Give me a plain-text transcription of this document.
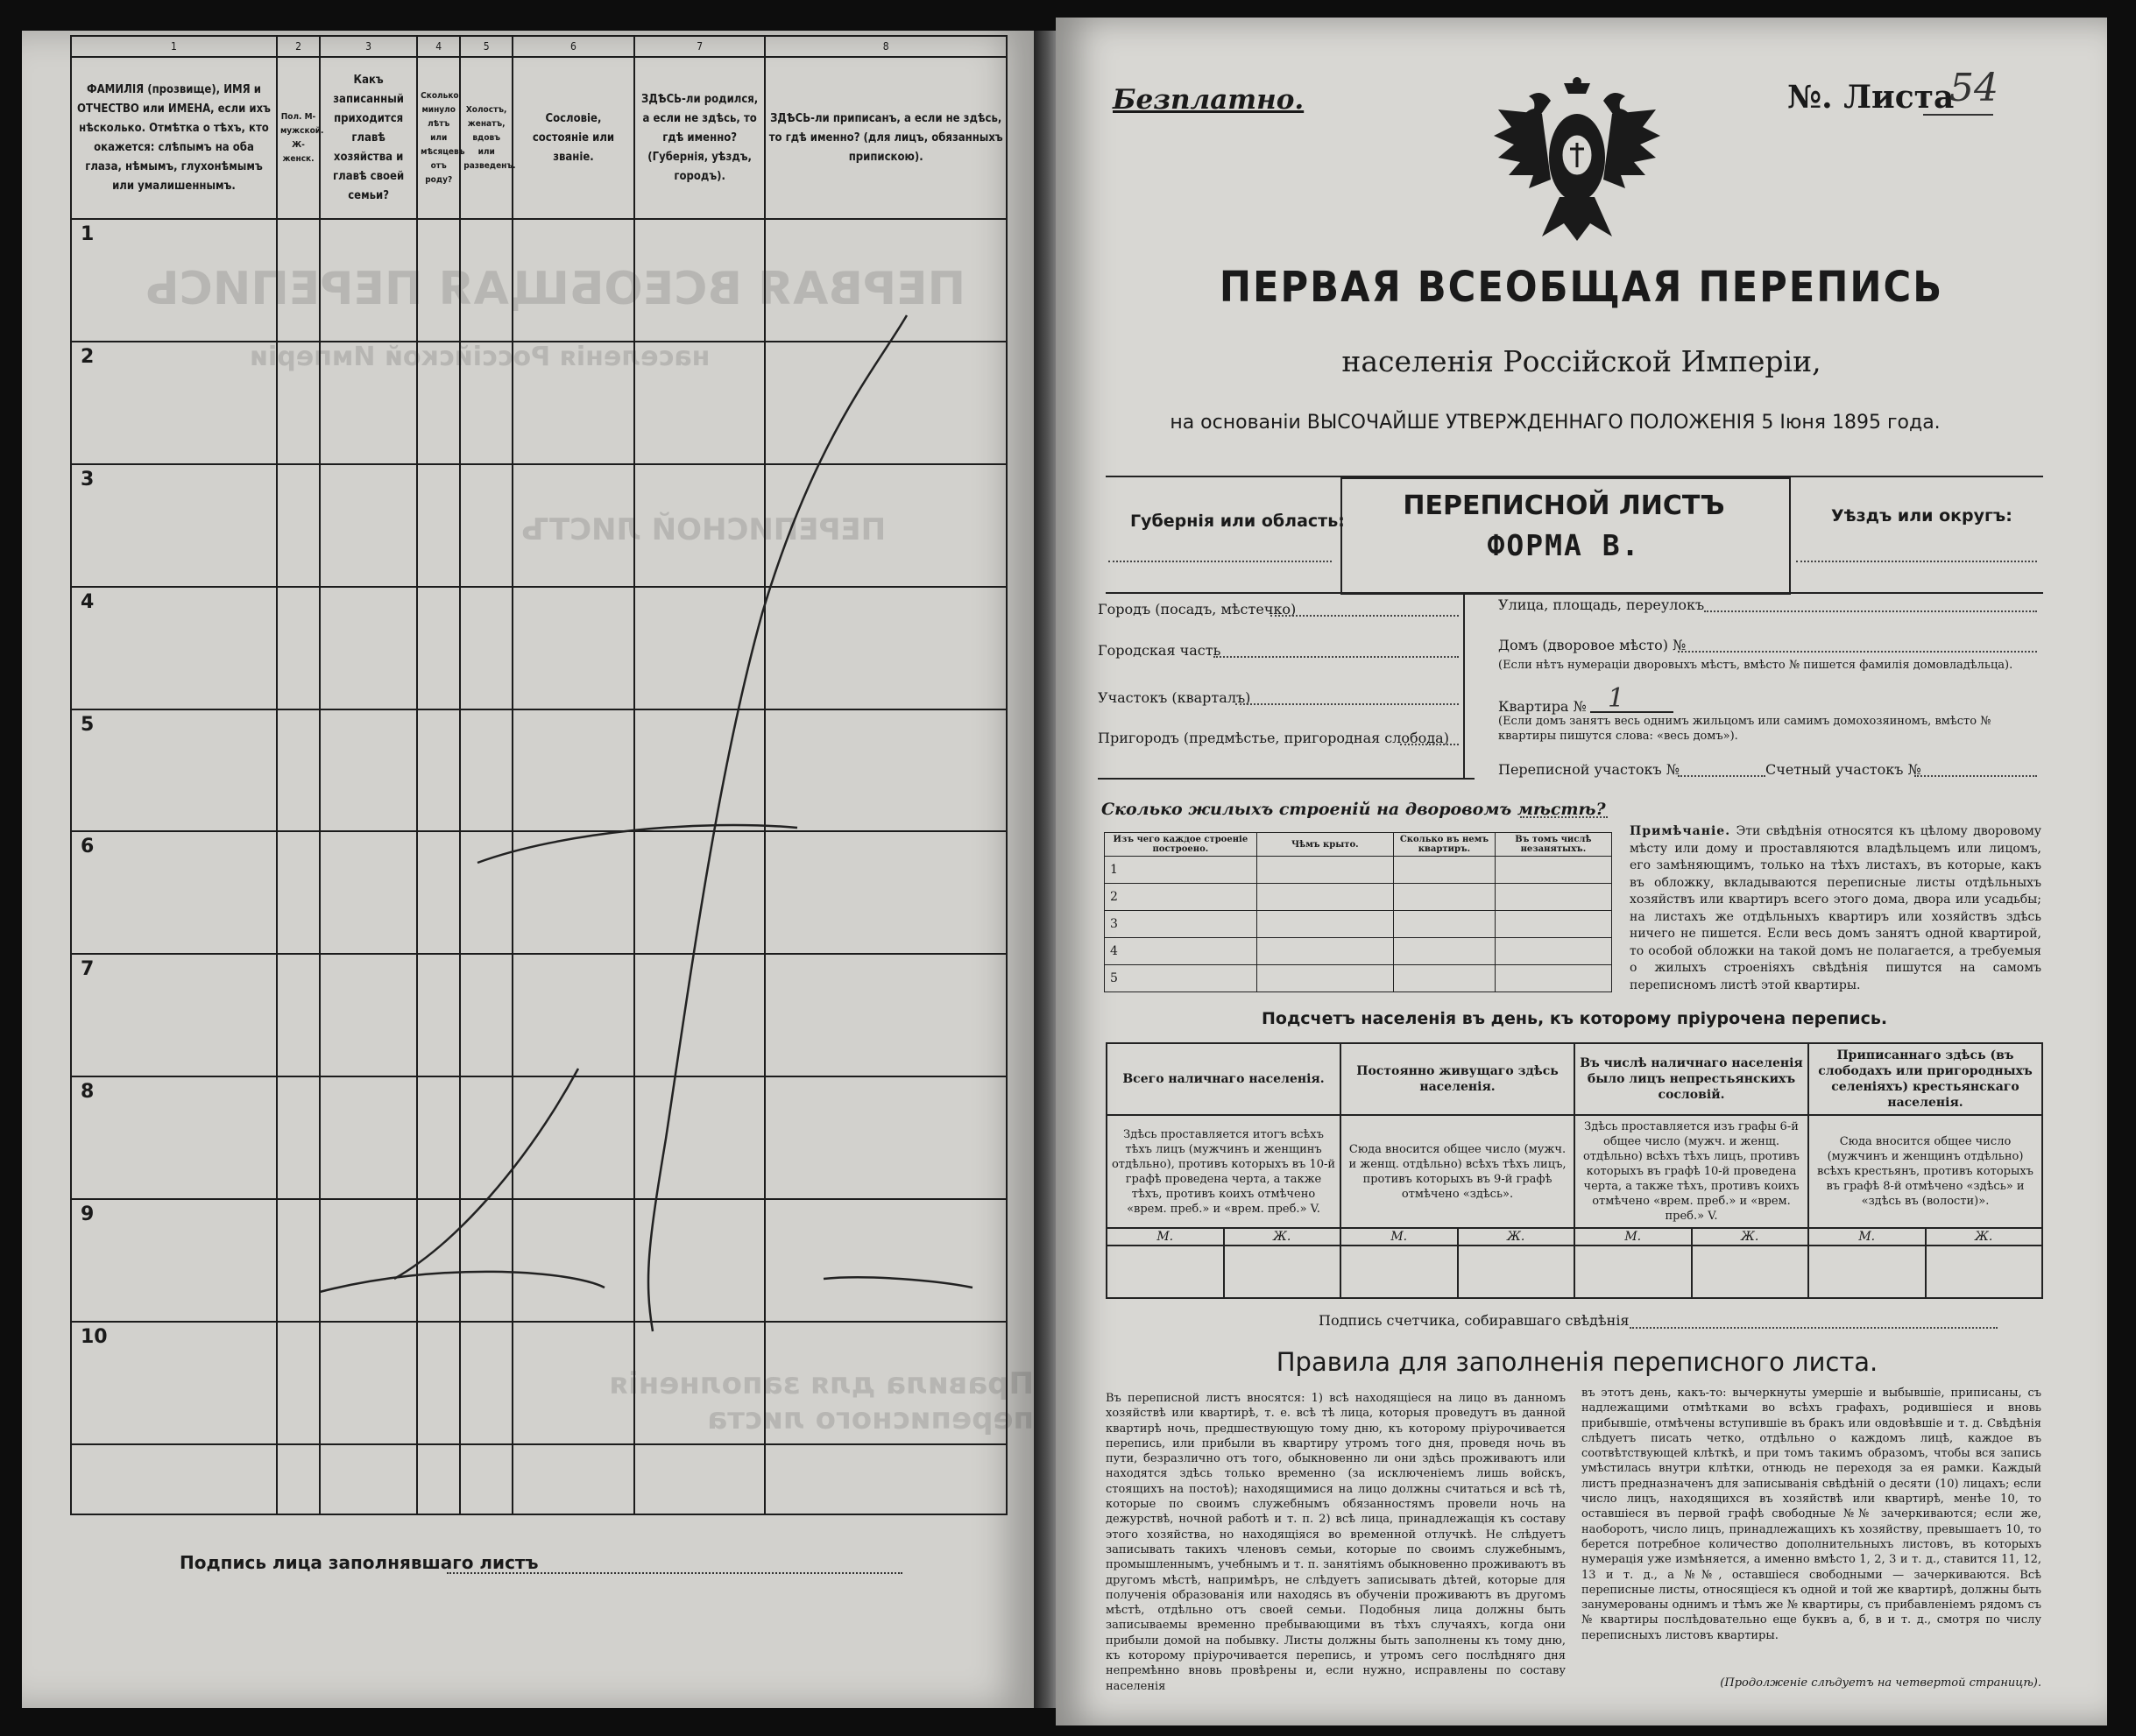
ПЕРВАЯ ВСЕОБЩАЯ ПЕРЕПИСЬ
населенія Россійской Имперіи
ПЕРЕПИСНОЙ ЛИСТЪ
Правила для заполненія переписного листа
1	2	3	4	5	6	7	8
ФАМИЛІЯ (прозвище), ИМЯ и ОТЧЕСТВО или ИМЕНА, если ихъ нѣсколько. Отмѣтка о тѣхъ, кто окажется: слѣпымъ на оба глаза, нѣмымъ, глухонѣмымъ или умалишеннымъ.	Пол. М-мужской. Ж-женск.	Какъ записанный приходится главѣ хозяйства и главѣ своей семьи?	Сколько минуло лѣтъ или мѣсяцевъ отъ роду?	Холостъ, женатъ, вдовъ или разведенъ.	Сословіе, состояніе или званіе.	ЗДѢСЬ-ли родился, а если не здѣсь, то гдѣ именно? (Губернія, уѣздъ, городъ).	ЗДѢСЬ-ли приписанъ, а если не здѣсь, то гдѣ именно? (для лицъ, обязанныхъ припискою).

1							

2							

3							

4							

5							

6							

7							

8							

9							

10							

Подпись лица заполнявшаго листъ
Безплатно.	№. Листа
54
ПЕРВАЯ ВСЕОБЩАЯ ПЕРЕПИСЬ
населенія Россійской Имперіи,
на основаніи ВЫСОЧАЙШЕ УТВЕРЖДЕННАГО ПОЛОЖЕНІЯ 5 Іюня 1895 года.
ПЕРЕПИСНОЙ ЛИСТЪ
ФОРМА В.
Губернія или область:	Уѣздъ или округъ:
Городъ (посадъ, мѣстечко)
Городская часть
Участокъ (кварталъ)
Пригородъ (предмѣстье, пригородная слобода)
Улица, площадь, переулокъ
Домъ (дворовое мѣсто) №
(Если нѣтъ нумераціи дворовыхъ мѣстъ, вмѣсто № пишется фамилія домовладѣльца).
Квартира № 1
(Если домъ занятъ весь однимъ жильцомъ или самимъ домохозяиномъ, вмѣсто № квартиры пишутся слова: «весь домъ»).
Переписной участокъ №	Счетный участокъ №
Сколько жилыхъ строеній на дворовомъ мѣстѣ?
Изъ чего каждое строеніе построено.	Чѣмъ крыто.	Сколько въ немъ квартиръ.	Въ томъ числѣ незанятыхъ.
1			
2			
3			
4			
5			
Примѣчаніе. Эти свѣдѣнія относятся къ цѣлому дворовому мѣсту или дому и проставляются владѣльцемъ или лицомъ, его замѣняющимъ, только на тѣхъ листахъ, въ которые, какъ въ обложку, вкладываются переписные листы отдѣльныхъ хозяйствъ или квартиръ всего этого дома, двора или усадьбы; на листахъ же отдѣльныхъ квартиръ или хозяйствъ здѣсь ничего не пишется. Если весь домъ занятъ одной квартирой, то особой обложки на такой домъ не полагается, а требуемыя о жилыхъ строеніяхъ свѣдѣнія пишутся на самомъ переписномъ листѣ этой квартиры.
Подсчетъ населенія въ день, къ которому пріурочена перепись.
Всего наличнаго населенія.		Постоянно живущаго здѣсь населенія.		Въ числѣ наличнаго населенія было лицъ непрестьянскихъ сословій.		Приписаннаго здѣсь (въ слободахъ или пригородныхъ селеніяхъ) крестьянскаго населенія.	
Здѣсь проставляется итогъ всѣхъ тѣхъ лицъ (мужчинъ и женщинъ отдѣльно), противъ которыхъ въ 10-й графѣ проведена черта, а также тѣхъ, противъ коихъ отмѣчено «врем. преб.» и «врем. преб.» V.		Сюда вносится общее число (мужч. и женщ. отдѣльно) всѣхъ тѣхъ лицъ, противъ которыхъ въ 9-й графѣ отмѣчено «здѣсь».		Здѣсь проставляется изъ графы 6-й общее число (мужч. и женщ. отдѣльно) всѣхъ тѣхъ лицъ, противъ которыхъ въ графѣ 10-й проведена черта, а также тѣхъ, противъ коихъ отмѣчено «врем. преб.» и «врем. преб.» V.		Сюда вносится общее число (мужчинъ и женщинъ отдѣльно) всѣхъ крестьянъ, противъ которыхъ въ графѣ 8-й отмѣчено «здѣсь» и «здѣсь въ (волости)».	
М.	Ж.	М.	Ж.	М.	Ж.	М.	Ж.

Подпись счетчика, собиравшаго свѣдѣнія
Правила для заполненія переписного листа.
Въ переписной листъ вносятся: 1) всѣ находящіеся на лицо въ данномъ хозяйствѣ или квартирѣ, т. е. всѣ тѣ лица, которыя проведутъ въ данной квартирѣ ночь, предшествующую тому дню, къ которому пріурочивается перепись, или прибыли въ квартиру утромъ того дня, проведя ночь въ пути, безразлично отъ того, обыкновенно ли они здѣсь проживаютъ или находятся здѣсь только временно (за исключеніемъ лишь войскъ, стоящихъ на постоѣ); находящимися на лицо должны считаться и всѣ тѣ, которые по своимъ служебнымъ обязанностямъ провели ночь на дежурствѣ, ночной работѣ и т. п. 2) всѣ лица, принадлежащія къ составу этого хозяйства, но находящіяся во временной отлучкѣ. Не слѣдуетъ записывать такихъ членовъ семьи, которые по своимъ служебнымъ, промышленнымъ, учебнымъ и т. п. занятіямъ обыкновенно проживаютъ въ другомъ мѣстѣ, напримѣръ, не слѣдуетъ записывать дѣтей, которые для полученія образованія или находясь въ обученіи проживаютъ въ другомъ мѣстѣ, отдѣльно отъ своей семьи. Подобныя лица должны быть записываемы временно пребывающими въ тѣхъ случаяхъ, когда они прибыли домой на побывку. Листы должны быть заполнены къ тому дню, къ которому пріурочивается перепись, и утромъ сего послѣдняго дня непремѣнно вновь провѣрены и, если нужно, исправлены по составу населенія
въ этотъ день, какъ-то: вычеркнуты умершіе и выбывшіе, приписаны, съ надлежащими отмѣтками во всѣхъ графахъ, родившіеся и вновь прибывшіе, отмѣчены вступившіе въ бракъ или овдовѣвшіе и т. д. Свѣдѣнія слѣдуетъ писать четко, отдѣльно о каждомъ лицѣ, каждое въ соотвѣтствующей клѣткѣ, и при томъ такимъ образомъ, чтобы вся запись умѣстилась внутри клѣтки, отнюдь не переходя за ея рамки. Каждый листъ предназначенъ для записыванія свѣдѣній о десяти (10) лицахъ; если число лицъ, находящихся въ хозяйствѣ или квартирѣ, менѣе 10, то оставшіеся въ первой графѣ свободные №№ зачеркиваются; если же, наоборотъ, число лицъ, принадлежащихъ къ хозяйству, превышаетъ 10, то берется потребное количество дополнительныхъ листовъ, въ которыхъ нумерація уже измѣняется, а именно вмѣсто 1, 2, 3 и т. д., ставится 11, 12, 13 и т. д., а №№, оставшіеся свободными — зачеркиваются. Всѣ переписные листы, относящіеся къ одной и той же квартирѣ, должны быть занумерованы однимъ и тѣмъ же № квартиры, съ прибавленіемъ рядомъ съ № квартиры послѣдовательно еще буквъ а, б, в и т. д., смотря по числу переписныхъ листовъ квартиры.
(Продолженіе слѣдуетъ на четвертой страницѣ).
